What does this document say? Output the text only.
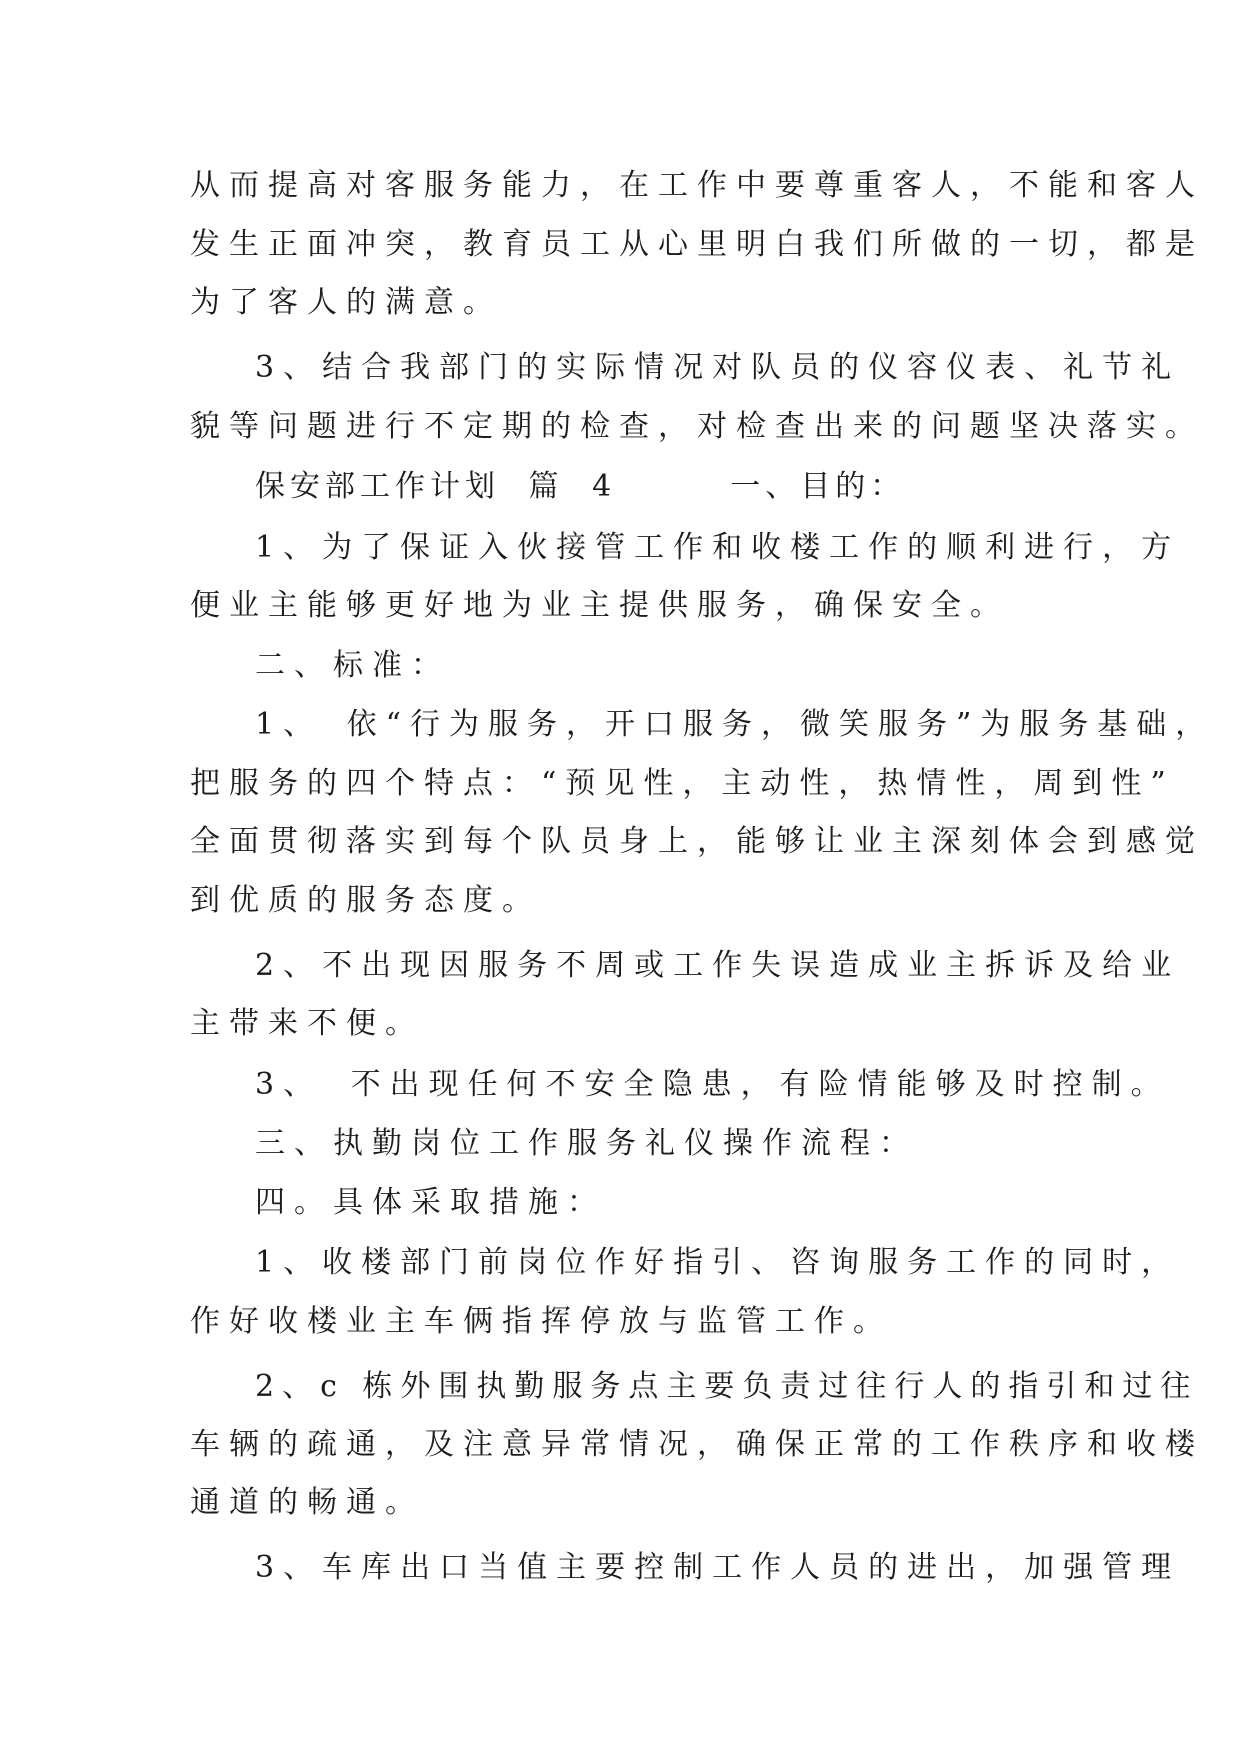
从而提高对客服务能力，在工作中要尊重客人，不能和客人

发生正面冲突，教育员工从心里明白我们所做的一切，都是

为了客人的满意。

3、结合我部门的实际情况对队员的仪容仪表、礼节礼

貌等问题进行不定期的检查，对检查出来的问题坚决落实。

保安部工作计划 篇 4    一、目的：

1、为了保证入伙接管工作和收楼工作的顺利进行，方

便业主能够更好地为业主提供服务，确保安全。

二、标准：

1、 依“行为服务，开口服务，微笑服务”为服务基础，

把服务的四个特点：“预见性，主动性，热情性，周到性”

全面贯彻落实到每个队员身上，能够让业主深刻体会到感觉

到优质的服务态度。

2、不出现因服务不周或工作失误造成业主拆诉及给业

主带来不便。

3、 不出现任何不安全隐患，有险情能够及时控制。

三、执勤岗位工作服务礼仪操作流程：

四。具体采取措施：

1、收楼部门前岗位作好指引、咨询服务工作的同时，

作好收楼业主车俩指挥停放与监管工作。

2、c 栋外围执勤服务点主要负责过往行人的指引和过往

车辆的疏通，及注意异常情况，确保正常的工作秩序和收楼

通道的畅通。

3、车库出口当值主要控制工作人员的进出，加强管理
